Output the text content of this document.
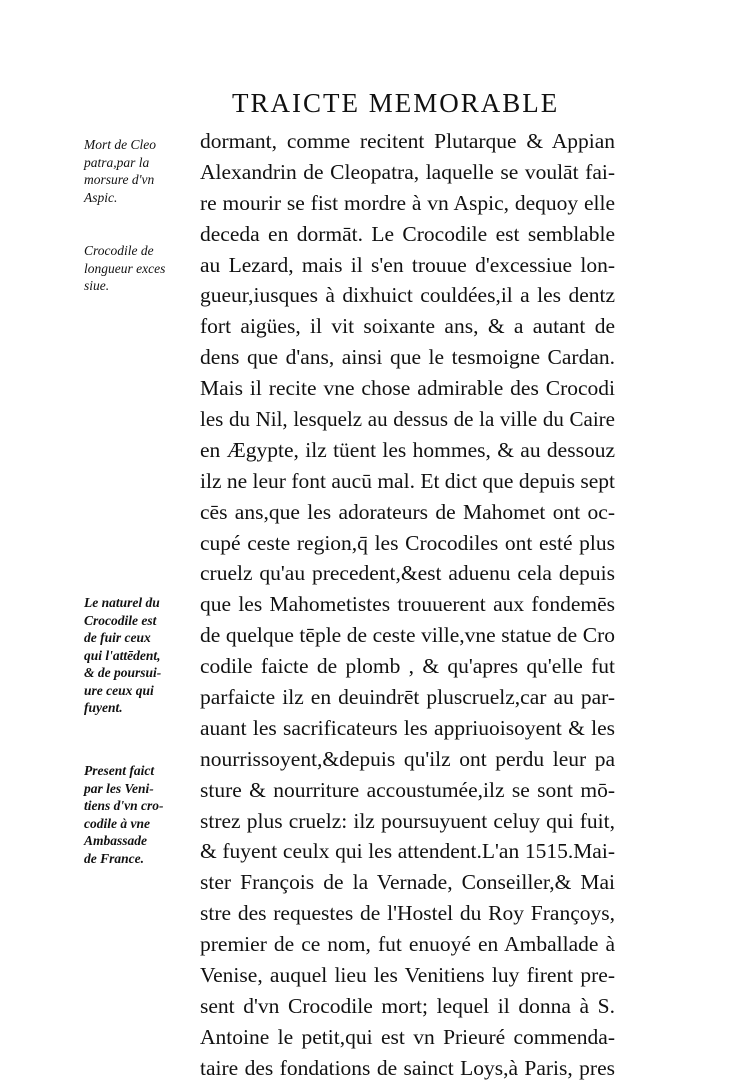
TRAICTE MEMORABLE
Mort de Cleo
patra,par la
morsure d'vn
Aspic.
Crocodile de
longueur exces
siue.
Le naturel du
Crocodile est
de fuir ceux
qui l'attēdent,
& de poursui-
ure ceux qui
fuyent.
Present faict
par les Veni-
tiens d'vn cro-
codile à vne
Ambassade
de France.
dormant, comme recitent Plutarque & Appian
Alexandrin de Cleopatra, laquelle se voulāt fai-
re mourir se fist mordre à vn Aspic, dequoy elle
deceda en dormāt. Le Crocodile est semblable
au Lezard, mais il s'en trouue d'excessiue lon-
gueur,iusques à dixhuict couldées,il a les dentz
fort aigües, il vit soixante ans, & a autant de
dens que d'ans, ainsi que le tesmoigne Cardan.
Mais il recite vne chose admirable des Crocodi
les du Nil, lesquelz au dessus de la ville du Caire
en Ægypte, ilz tüent les hommes, & au dessouz
ilz ne leur font aucū mal. Et dict que depuis sept
cēs ans,que les adorateurs de Mahomet ont oc-
cupé ceste region,q̄ les Crocodiles ont esté plus
cruelz qu'au precedent,&est aduenu cela depuis
que les Mahometistes trouuerent aux fondemēs
de quelque tēple de ceste ville,vne statue de Cro
codile faicte de plomb , & qu'apres qu'elle fut
parfaicte ilz en deuindrēt pluscruelz,car au par-
auant les sacrificateurs les appriuoisoyent & les
nourrissoyent,&depuis qu'ilz ont perdu leur pa
sture & nourriture accoustumée,ilz se sont mō-
strez plus cruelz: ilz poursuyuent celuy qui fuit,
& fuyent ceulx qui les attendent.L'an 1515.Mai-
ster François de la Vernade, Conseiller,& Mai
stre des requestes de l'Hostel du Roy Françoys,
premier de ce nom, fut enuoyé en Amballade à
Venise, auquel lieu les Venitiens luy firent pre-
sent d'vn Crocodile mort; lequel il donna à S.
Antoine le petit,qui est vn Prieuré commenda-
taire des fondations de sainct Loys,à Paris, pres
